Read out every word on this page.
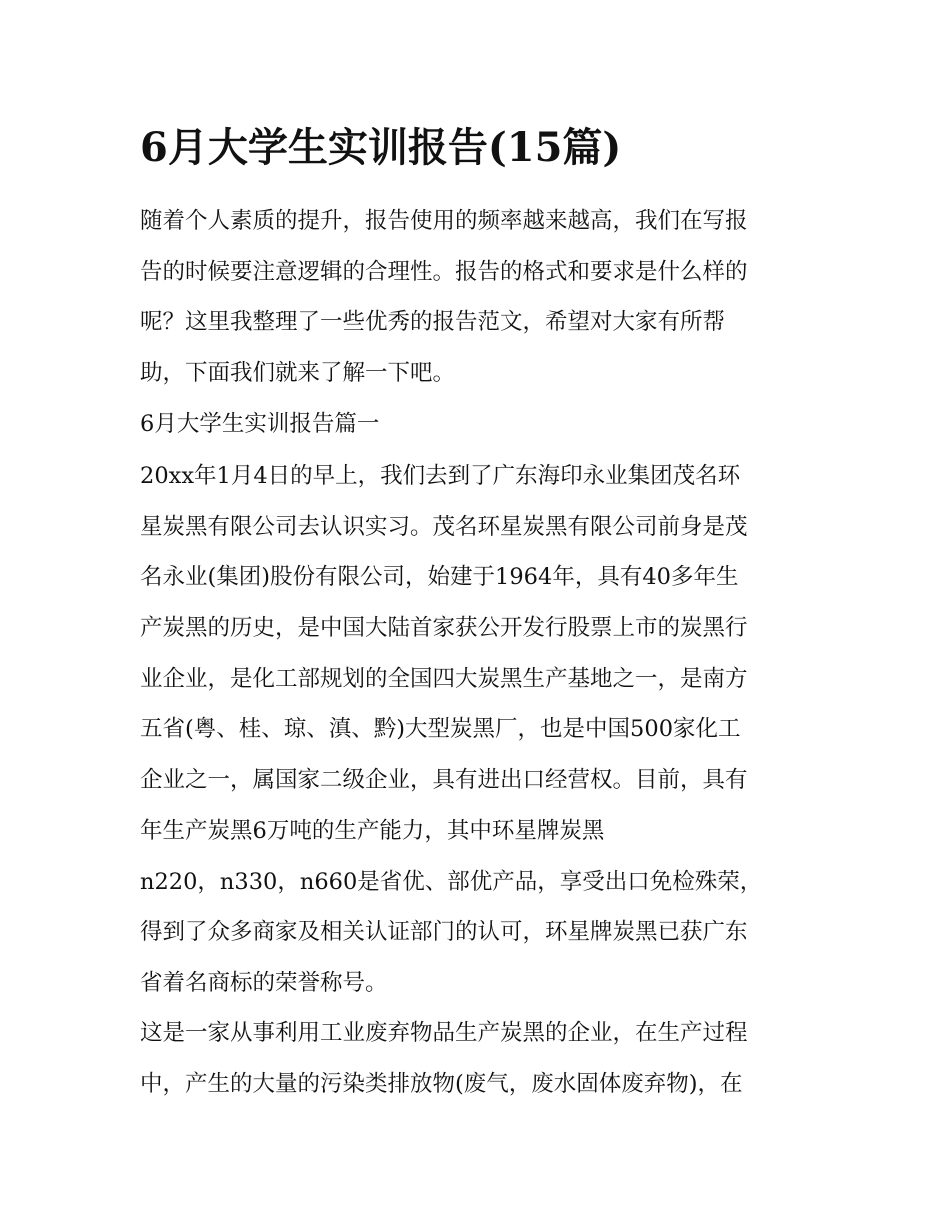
6月大学生实训报告(15篇)
随着个人素质的提升，报告使用的频率越来越高，我们在写报
告的时候要注意逻辑的合理性。报告的格式和要求是什么样的
呢？这里我整理了一些优秀的报告范文，希望对大家有所帮
助，下面我们就来了解一下吧。
6月大学生实训报告篇一
20xx年1月4日的早上，我们去到了广东海印永业集团茂名环
星炭黑有限公司去认识实习。茂名环星炭黑有限公司前身是茂
名永业(集团)股份有限公司，始建于1964年，具有40多年生
产炭黑的历史，是中国大陆首家获公开发行股票上市的炭黑行
业企业，是化工部规划的全国四大炭黑生产基地之一，是南方
五省(粤、桂、琼、滇、黔)大型炭黑厂，也是中国500家化工
企业之一，属国家二级企业，具有进出口经营权。目前，具有
年生产炭黑6万吨的生产能力，其中环星牌炭黑
n220，n330，n660是省优、部优产品，享受出口免检殊荣，
得到了众多商家及相关认证部门的认可，环星牌炭黑已获广东
省着名商标的荣誉称号。
这是一家从事利用工业废弃物品生产炭黑的企业，在生产过程
中，产生的大量的污染类排放物(废气，废水固体废弃物)，在
